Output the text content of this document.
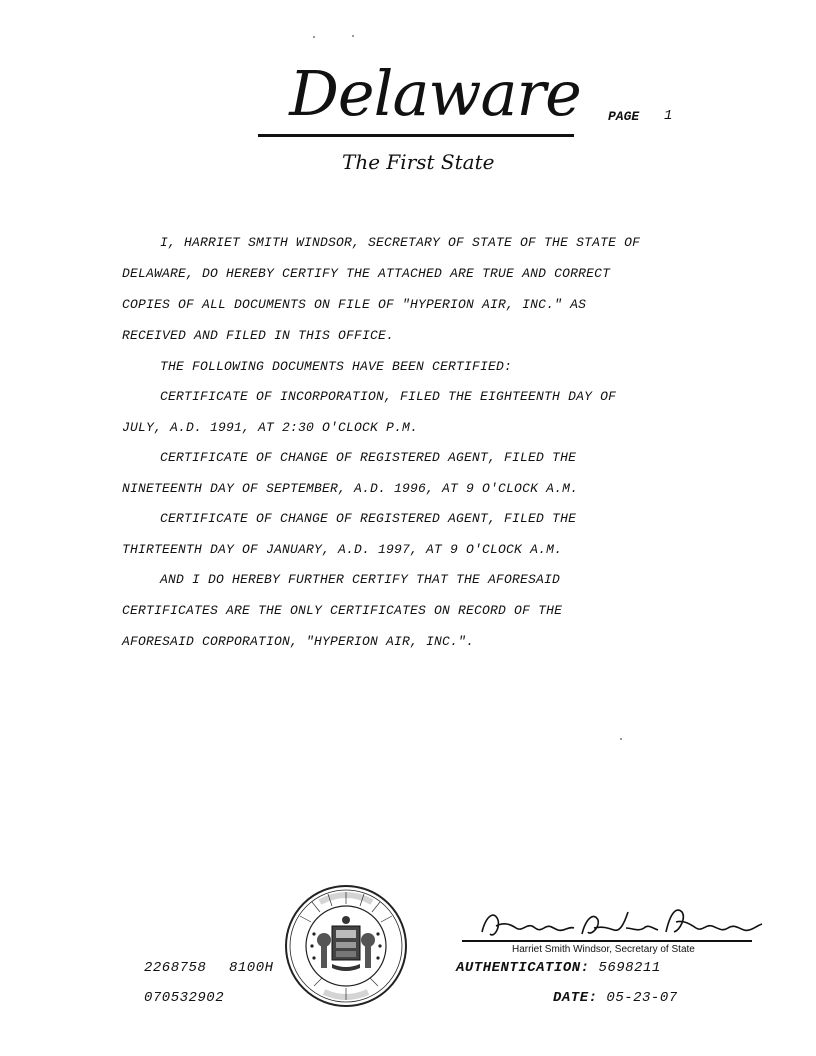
Delaware	PAGE 1
The First State
I, HARRIET SMITH WINDSOR, SECRETARY OF STATE OF THE STATE OF
DELAWARE, DO HEREBY CERTIFY THE ATTACHED ARE TRUE AND CORRECT
COPIES OF ALL DOCUMENTS ON FILE OF "HYPERION AIR, INC." AS
RECEIVED AND FILED IN THIS OFFICE.
THE FOLLOWING DOCUMENTS HAVE BEEN CERTIFIED:
CERTIFICATE OF INCORPORATION, FILED THE EIGHTEENTH DAY OF
JULY, A.D. 1991, AT 2:30 O'CLOCK P.M.
CERTIFICATE OF CHANGE OF REGISTERED AGENT, FILED THE
NINETEENTH DAY OF SEPTEMBER, A.D. 1996, AT 9 O'CLOCK A.M.
CERTIFICATE OF CHANGE OF REGISTERED AGENT, FILED THE
THIRTEENTH DAY OF JANUARY, A.D. 1997, AT 9 O'CLOCK A.M.
AND I DO HEREBY FURTHER CERTIFY THAT THE AFORESAID
CERTIFICATES ARE THE ONLY CERTIFICATES ON RECORD OF THE
AFORESAID CORPORATION, "HYPERION AIR, INC.".
2268758 8100H
070532902
Harriet Smith Windsor, Secretary of State
AUTHENTICATION: 5698211
DATE: 05-23-07
